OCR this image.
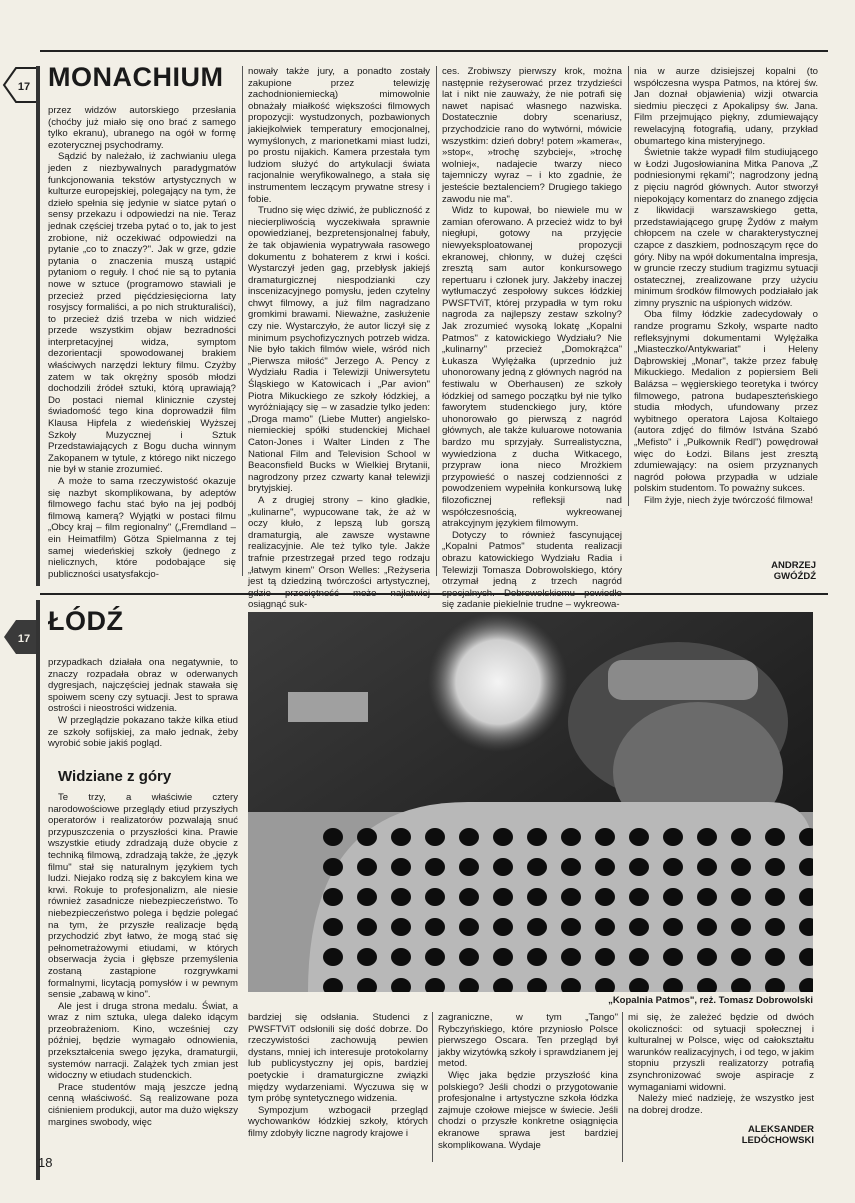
17 MONACHIUM

przez widzów autorskiego przesłania (choćby już miało się ono brać z samego tylko ekranu), ubranego na ogół w formę ezoterycznej psychodramy.

Sądzić by należało, iż zachwianiu ulega jeden z niezbywalnych paradygmatów funkcjonowania tekstów artystycznych w kulturze europejskiej, polegający na tym, że dzieło spełnia się jedynie w siatce pytań o sensy przekazu i odpowiedzi na nie. Teraz jednak częściej trzeba pytać o to, jak to jest zrobione, niż oczekiwać odpowiedzi na pytanie „co to znaczy?". Jak w grze, gdzie pytania o znaczenia muszą ustąpić pytaniom o reguły. I choć nie są to pytania nowe w sztuce (programowo stawiali je przecież przed pięćdziesięciorna laty rosyjscy formaliści, a po nich strukturaliści), to przecież dziś trzeba w nich widzieć przede wszystkim objaw bezradności interpretacyjnej widza, symptom dezorientacji spowodowanej brakiem właściwych narzędzi lektury filmu. Czyżby zatem w tak okrężny sposób młodzi dochodzili źródeł sztuki, którą uprawiają? Do postaci niemal klinicznie czystej świadomość tego kina doprowadził film Klausa Hipfela z wiedeńskiej Wyższej Szkoły Muzycznej i Sztuk Przedstawiających z Bogu ducha winnym Zakopanem w tytule, z którego nikt niczego nie był w stanie zrozumieć.

A może to sama rzeczywistość okazuje się nazbyt skomplikowana, by adeptów filmowego fachu stać było na jej podbój filmową kamerą? Wyjątki w postaci filmu „Obcy kraj – film regionalny" („Fremdland – ein Heimatfilm) Götza Spielmanna z tej samej wiedeńskiej szkoły (jednego z nielicznych, które podobające się publiczności usatysfakcjo-

nowały także jury, a ponadto zostały zakupione przez telewizję zachodnioniemiecką) mimowolnie obnażały miałkość większości filmowych propozycji: wystudzonych, pozbawionych jakiejkolwiek temperatury emocjonalnej, wymyślonych, z marionetkami miast ludzi, po prostu nijakich. Kamera przestała tym ludziom służyć do artykulacji świata racjonalnie weryfikowalnego, a stała się instrumentem leczącym prywatne stresy i fobie.

Trudno się więc dziwić, że publiczność z niecierpliwością wyczekiwała sprawnie opowiedzianej, bezpretensjonalnej fabuły, że tak objawienia wypatrywała rasowego dokumentu z bohaterem z krwi i kości. Wystarczył jeden gag, przebłysk jakiejś dramaturgicznej niespodzianki czy inscenizacyjnego pomysłu, jeden czytelny chwyt filmowy, a już film nagradzano gromkimi brawami. Nieważne, zasłużenie czy nie. Wystarczyło, że autor liczył się z minimum psychofizycznych potrzeb widza. Nie było takich filmów wiele, wśród nich „Pierwsza miłość" Jerzego A. Pency z Wydziału Radia i Telewizji Uniwersytetu Śląskiego w Katowicach i „Par avion" Piotra Mikuckiego ze szkoły łódzkiej, a wyróżniający się – w zasadzie tylko jeden: „Droga mamo" (Liebe Mutter) angielsko-niemieckiej spółki studenckiej Michael Caton-Jones i Walter Linden z The National Film and Television School w Beaconsfield Bucks w Wielkiej Brytanii, nagrodzony przez czwarty kanał telewizji brytyjskiej.

A z drugiej strony – kino gładkie, „kulinarne", wypucowane tak, że aż w oczy kłuło, z lepszą lub gorszą dramaturgią, ale zawsze wystawne realizacyjnie. Ale też tylko tyle. Jakże trafnie przestrzegał przed tego rodzaju „łatwym kinem" Orson Welles: „Reżyseria jest tą dziedziną twórczości artystycznej, osiągnąć suk-

ces. Zrobiwszy pierwszy krok, można następnie reżyserować przez trzydzieści lat i nikt nie zauważy, że nie potrafi się nawet napisać własnego nazwiska. Dostatecznie dobry scenariusz, przychodzicie rano do wytwórni, mówicie wszystkim: dzień dobry! potem »kamera«, »stop«, »trochę szybciej«, »trochę wolniej«, nadajecie twarzy nieco tajemniczy wyraz – i kto zgadnie, że jesteście beztalenciem? Drugiego takiego zawodu nie ma".

Widz to kupował, bo niewiele mu w zamian oferowano. A przecież widz to był niegłupi, gotowy na przyjęcie niewyeksploatowanej propozycji ekranowej, chłonny, w dużej części zresztą sam autor konkursowego repertuaru i członek jury. Jakżeby inaczej wytłumaczyć zespołowy sukces łódzkiej PWSFTViT, której przypadła w tym roku nagroda za najlepszy zestaw szkolny? Jak zrozumieć wysoką lokatę „Kopalni Patmos" z katowickiego Wydziału? Nie „kulinarny" przecież „Domokrążca" Łukasza Wylężałka (uprzednio już uhonorowany jedną z głównych nagród na festiwalu w Oberhausen) ze szkoły łódzkiej od samego początku był nie tylko faworytem studenckiego jury, które uhonorowało go pierwszą z nagród głównych, ale także kuluarowe notowania bardzo mu sprzyjały. Surrealistyczna, wywiedziona z ducha Witkacego, przypraw iona nieco Mrożkiem przypowieść o naszej codzienności z powodzeniem wypełniła konkursową lukę filozoficznej refleksji nad współczesnością, wykreowanej atrakcyjnym językiem filmowym.

Dotyczy to również fascynującej „Kopalni Patmos" studenta realizacji obrazu katowickiego Wydziału Radia i Telewizji Tomasza Dobrowolskiego, który otrzymał jedną z trzech nagród się zadanie piekielnie trudne – wykreowa-

nia w aurze dzisiejszej kopalni (to współczesna wyspa Patmos, na której św. Jan doznał objawienia) wizji otwarcia siedmiu pieczęci z Apokalipsy św. Jana. Film przejmująco piękny, zdumiewający rewelacyjną fotografią, udany, przykład obumartego kina misteryjnego.

Świetnie także wypadł film studiującego w Łodzi Jugosłowianina Mitka Panova „Z podniesionymi rękami"; nagrodzony jedną z pięciu nagród głównych. Autor stworzył niepokojący komentarz do znanego zdjęcia z likwidacji warszawskiego getta, przedstawiającego grupę Żydów z małym chłopcem na czele w charakterystycznej czapce z daszkiem, podnoszącym ręce do góry. Niby na wpół dokumentalna impresja, w gruncie rzeczy studium tragizmu sytuacji ostatecznej, zrealizowane przy użyciu minimum środków filmowych podziałało jak zimny prysznic na uśpionych widzów.

Oba filmy łódzkie zadecydowały o randze programu Szkoły, wsparte nadto refleksyjnymi dokumentami Wylężałka „Miasteczko/Antykwariat" i Heleny Dąbrowskiej „Monar", także przez fabułę Mikuckiego. Medalion z popiersiem Beli Balázsa – węgierskiego teoretyka i twórcy filmowego, patrona budapeszteńskiego studia młodych, ufundowany przez wybitnego operatora Lajosa Koltaiego (autora zdjęć do filmów Istvána Szabó „Mefisto" i „Pułkownik Redl") powędrował więc do Łodzi. Bilans jest zresztą zdumiewający: na osiem przyznanych nagród połowa przypadła w udziale polskim studentom. To poważny sukces.

Film żyje, niech żyje twórczość filmowa!

ANDRZEJ
GWÓŹDŹ
17
ŁÓDŹ
„Kopalnia Patmos", reż. Tomasz Dobrowolski

przypadkach działała ona negatywnie, to znaczy rozpadała obraz w oderwanych dygresjach, najczęściej jednak stawała się spoiwem sceny czy sytuacji. Jest to sprawa ostrości i nieostrości widzenia.

W przeglądzie pokazano także kilka etiud ze szkoły sofijskiej, za mało jednak, żeby wyrobić sobie jakiś pogląd.

Widziane z góry

Te trzy, a właściwie cztery narodowościowe przeglądy etiud przyszłych operatorów i realizatorów pozwalają snuć przypuszczenia o przyszłości kina. Prawie wszystkie etiudy zdradzają duże obycie z techniką filmową, zdradzają także, że „język filmu" stał się naturalnym językiem tych ludzi. Niejako rodzą się z bakcylem kina we krwi. Rokuje to profesjonalizm, ale niesie również zasadnicze niebezpieczeństwo. To niebezpieczeństwo polega i będzie polegać na tym, że przyszłe realizacje będą przychodzić zbyt łatwo, że mogą stać się pełnometrażowymi etiudami, w których obserwacja życia i głębsze przemyślenia zostaną zastąpione rozgrywkami formalnymi, licytacją pomysłów i w pewnym sensie „zabawą w kino".

Ale jest i druga strona medalu. Świat, a wraz z nim sztuka, ulega daleko idącym przeobrażeniom. Kino, wcześniej czy później, będzie wymagało odnowienia, przekształcenia swego języka, dramaturgii, systemów narracji. Zalążek tych zmian jest widoczny w etiudach studenckich.

Prace studentów mają jeszcze jedną cenną właściwość. Są realizowane poza ciśnieniem produkcji, autor ma dużo większy margines swobody, więc

bardziej się odsłania. Studenci z PWSFTViT odsłonili się dość dobrze. Do rzeczywistości zachowują pewien dystans, mniej ich interesuje protokolarny lub publicystyczny jej opis, bardziej poetyckie i dramaturgiczne związki między wydarzeniami. Wyczuwa się w tym próbę syntetycznego widzenia.

Sympozjum wzbogacił przegląd wychowanków łódzkiej szkoły, których filmy zdobyły liczne nagrody krajowe i

zagraniczne, w tym „Tango" Rybczyńskiego, które przyniosło Polsce pierwszego Oscara. Ten przegląd był jakby wizytówką szkoły i sprawdzianem jej metod.

Więc jaka będzie przyszłość kina polskiego? Jeśli chodzi o przygotowanie profesjonalne i artystyczne szkoła łódzka zajmuje czołowe miejsce w świecie. Jeśli chodzi o przyszłe konkretne osiągnięcia ekranowe sprawa jest bardziej skomplikowana. Wydaje

mi się, że zależeć będzie od dwóch okoliczności: od sytuacji społecznej i kulturalnej w Polsce, więc od całokształtu warunków realizacyjnych, i od tego, w jakim stopniu przyszli realizatorzy potrafią zsynchronizować swoje aspiracje z wymaganiami widowni.

Należy mieć nadzieję, że wszystko jest na dobrej drodze.

ALEKSANDER
LEDÓCHOWSKI
18
